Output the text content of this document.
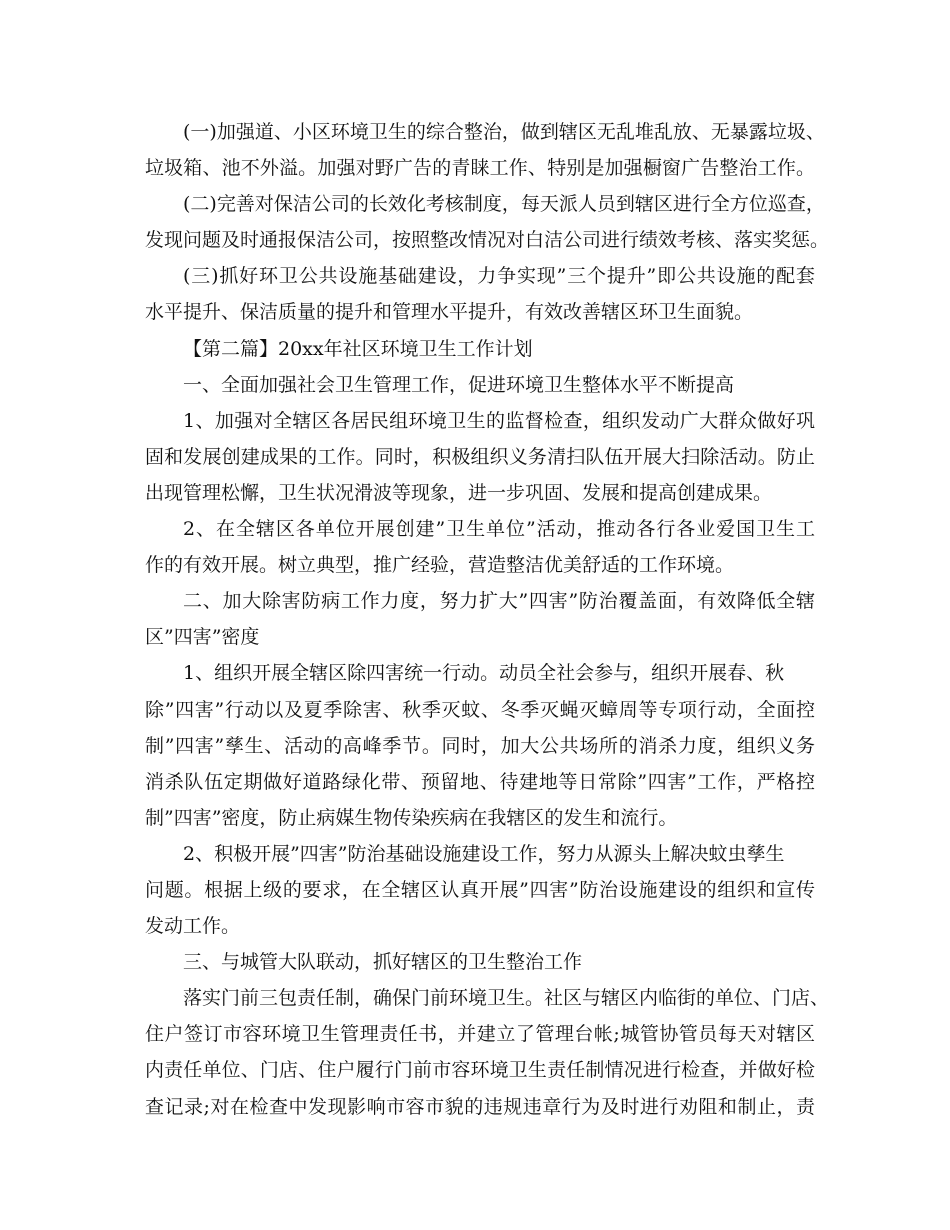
(一)加强道、小区环境卫生的综合整治，做到辖区无乱堆乱放、无暴露垃圾、
垃圾箱、池不外溢。加强对野广告的青睐工作、特别是加强橱窗广告整治工作。
(二)完善对保洁公司的长效化考核制度，每天派人员到辖区进行全方位巡查，
发现问题及时通报保洁公司，按照整改情况对白洁公司进行绩效考核、落实奖惩。
(三)抓好环卫公共设施基础建设，力争实现”三个提升”即公共设施的配套
水平提升、保洁质量的提升和管理水平提升，有效改善辖区环卫生面貌。
【第二篇】20xx年社区环境卫生工作计划
一、全面加强社会卫生管理工作，促进环境卫生整体水平不断提高
1、加强对全辖区各居民组环境卫生的监督检查，组织发动广大群众做好巩
固和发展创建成果的工作。同时，积极组织义务清扫队伍开展大扫除活动。防止
出现管理松懈，卫生状况滑波等现象，进一步巩固、发展和提高创建成果。
2、在全辖区各单位开展创建”卫生单位”活动，推动各行各业爱国卫生工
作的有效开展。树立典型，推广经验，营造整洁优美舒适的工作环境。
二、加大除害防病工作力度，努力扩大”四害”防治覆盖面，有效降低全辖
区”四害”密度
1、组织开展全辖区除四害统一行动。动员全社会参与，组织开展春、秋
除”四害”行动以及夏季除害、秋季灭蚊、冬季灭蝇灭蟑周等专项行动，全面控
制”四害”孳生、活动的高峰季节。同时，加大公共场所的消杀力度，组织义务
消杀队伍定期做好道路绿化带、预留地、待建地等日常除”四害”工作，严格控
制”四害”密度，防止病媒生物传染疾病在我辖区的发生和流行。
2、积极开展”四害”防治基础设施建设工作，努力从源头上解决蚊虫孳生
问题。根据上级的要求，在全辖区认真开展”四害”防治设施建设的组织和宣传
发动工作。
三、与城管大队联动，抓好辖区的卫生整治工作
落实门前三包责任制，确保门前环境卫生。社区与辖区内临街的单位、门店、
住户签订市容环境卫生管理责任书，并建立了管理台帐;城管协管员每天对辖区
内责任单位、门店、住户履行门前市容环境卫生责任制情况进行检查，并做好检
查记录;对在检查中发现影响市容市貌的违规违章行为及时进行劝阻和制止，责
